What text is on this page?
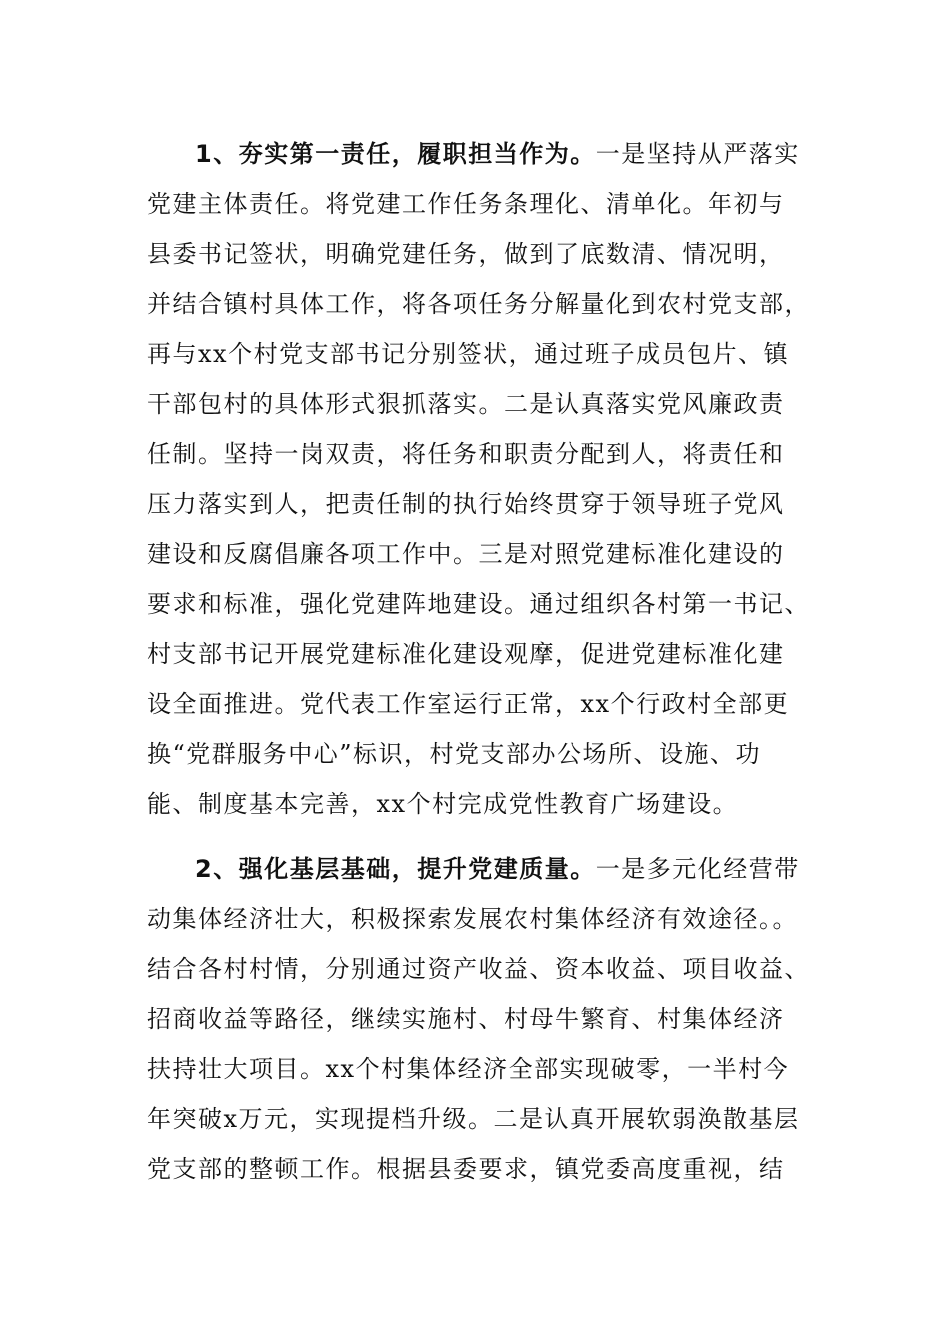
1、夯实第一责任，履职担当作为。一是坚持从严落实
党建主体责任。将党建工作任务条理化、清单化。年初与
县委书记签状，明确党建任务，做到了底数清、情况明，
并结合镇村具体工作，将各项任务分解量化到农村党支部，
再与xx个村党支部书记分别签状，通过班子成员包片、镇
干部包村的具体形式狠抓落实。二是认真落实党风廉政责
任制。坚持一岗双责，将任务和职责分配到人，将责任和
压力落实到人，把责任制的执行始终贯穿于领导班子党风
建设和反腐倡廉各项工作中。三是对照党建标准化建设的
要求和标准，强化党建阵地建设。通过组织各村第一书记、
村支部书记开展党建标准化建设观摩，促进党建标准化建
设全面推进。党代表工作室运行正常，xx个行政村全部更
换“党群服务中心”标识，村党支部办公场所、设施、功
能、制度基本完善，xx个村完成党性教育广场建设。
2、强化基层基础，提升党建质量。一是多元化经营带
动集体经济壮大，积极探索发展农村集体经济有效途径。。
结合各村村情，分别通过资产收益、资本收益、项目收益、
招商收益等路径，继续实施村、村母牛繁育、村集体经济
扶持壮大项目。xx个村集体经济全部实现破零，一半村今
年突破x万元，实现提档升级。二是认真开展软弱涣散基层
党支部的整顿工作。根据县委要求，镇党委高度重视，结
